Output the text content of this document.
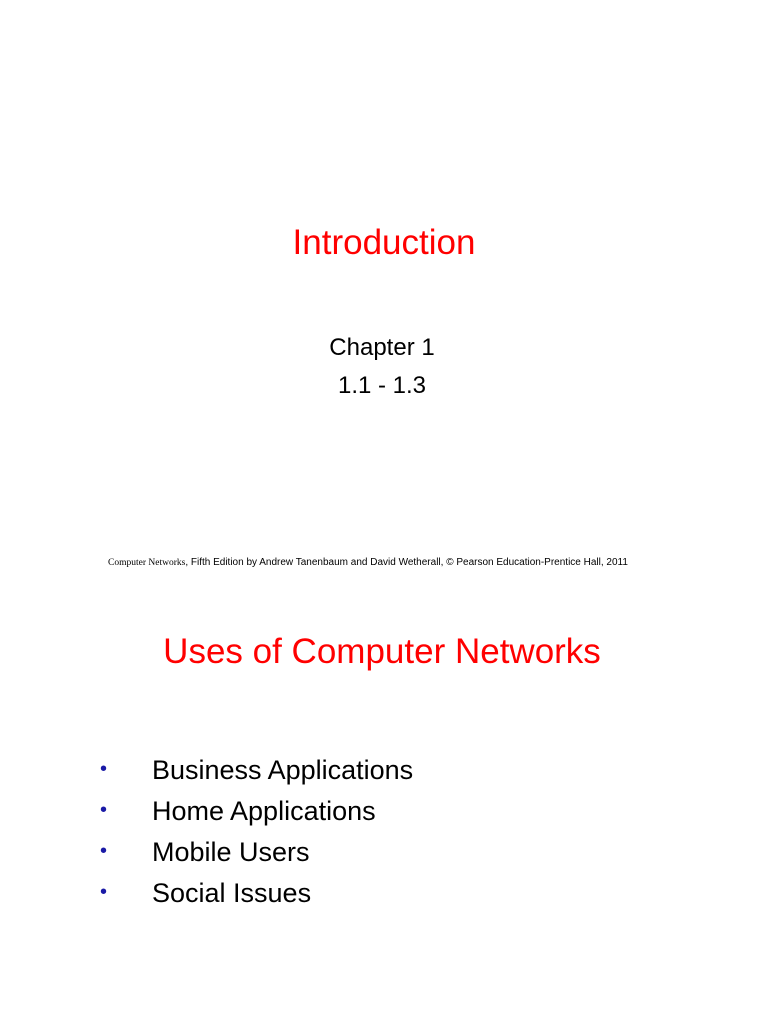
Introduction
Chapter 1
1.1 - 1.3
Computer Networks, Fifth Edition by Andrew Tanenbaum and David Wetherall, © Pearson Education-Prentice Hall, 2011
Uses of Computer Networks
•	Business Applications
•	Home Applications
•	Mobile Users
•	Social Issues
